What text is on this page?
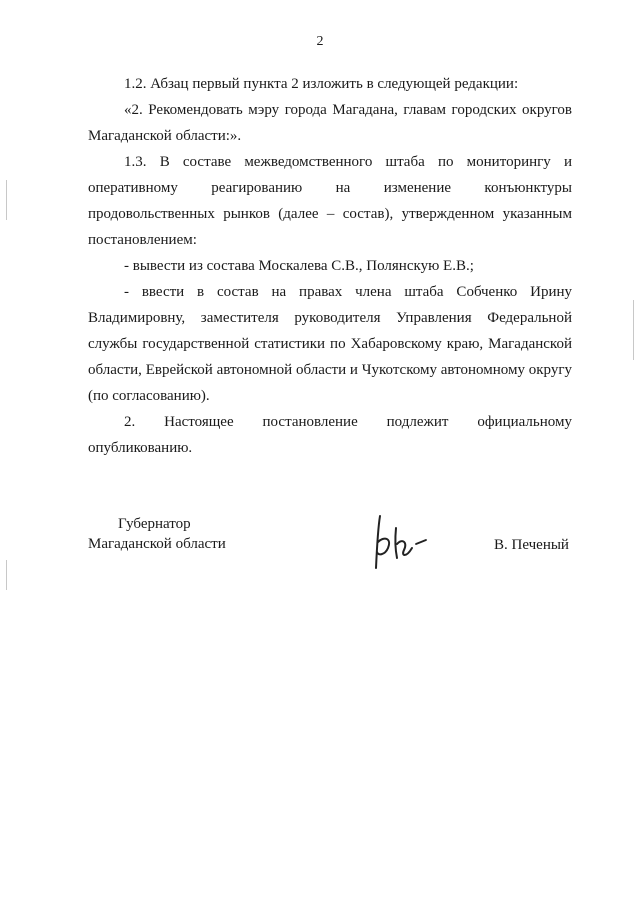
2

1.2. Абзац первый пункта 2 изложить в следующей редакции:

«2. Рекомендовать мэру города Магадана, главам городских округов Магаданской области:».

1.3. В составе межведомственного штаба по мониторингу и оперативному реагированию на изменение конъюнктуры продовольственных рынков (далее – состав), утвержденном указанным постановлением:

- вывести из состава Москалева С.В., Полянскую Е.В.;

- ввести в состав на правах члена штаба Собченко Ирину Владимировну, заместителя руководителя Управления Федеральной службы государственной статистики по Хабаровскому краю, Магаданской области, Еврейской автономной области и Чукотскому автономному округу (по согласованию).

2. Настоящее постановление подлежит официальному опубликованию.

Губернатор
Магаданской области	В. Печеный
